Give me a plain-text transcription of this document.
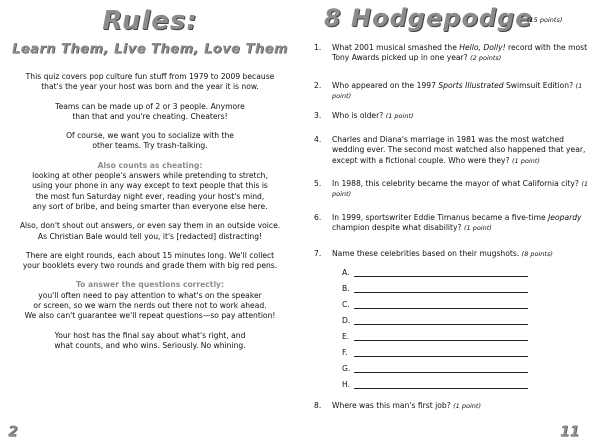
Rules:
Learn Them, Live Them, Love Them

This quiz covers pop culture fun stuff from 1979 to 2009 because
that's the year your host was born and the year it is now.

Teams can be made up of 2 or 3 people. Anymore
than that and you're cheating. Cheaters!

Of course, we want you to socialize with the
other teams. Try trash-talking.

Also counts as cheating:

looking at other people's answers while pretending to stretch,
using your phone in any way except to text people that this is
the most fun Saturday night ever, reading your host's mind,
any sort of bribe, and being smarter than everyone else here.

Also, don't shout out answers, or even say them in an outside voice.
As Christian Bale would tell you, it's [redacted] distracting!

There are eight rounds, each about 15 minutes long. We'll collect
your booklets every two rounds and grade them with big red pens.

To answer the questions correctly:

you'll often need to pay attention to what's on the speaker
or screen, so we warn the nerds out there not to work ahead.
We also can't guarantee we'll repeat questions—so pay attention!

Your host has the final say about what's right, and
what counts, and who wins. Seriously. No whining.

2
8 Hodgepodge
(15 points)
1.	What 2001 musical smashed the Hello, Dolly! record with the most Tony Awards picked up in one year? (2 points)
2.	Who appeared on the 1997 Sports Illustrated Swimsuit Edition? (1 point)
3.	Who is older? (1 point)
4.	Charles and Diana's marriage in 1981 was the most watched wedding ever. The second most watched also happened that year, except with a fictional couple. Who were they? (1 point)
5.	In 1988, this celebrity became the mayor of what California city? (1 point)
6.	In 1999, sportswriter Eddie Timanus became a five-time Jeopardy champion despite what disability? (1 point)
7.	Name these celebrities based on their mugshots. (8 points)
8.	Where was this man's first job? (1 point)
A.
B.
C.
D.
E.
F.
G.
H.
11
